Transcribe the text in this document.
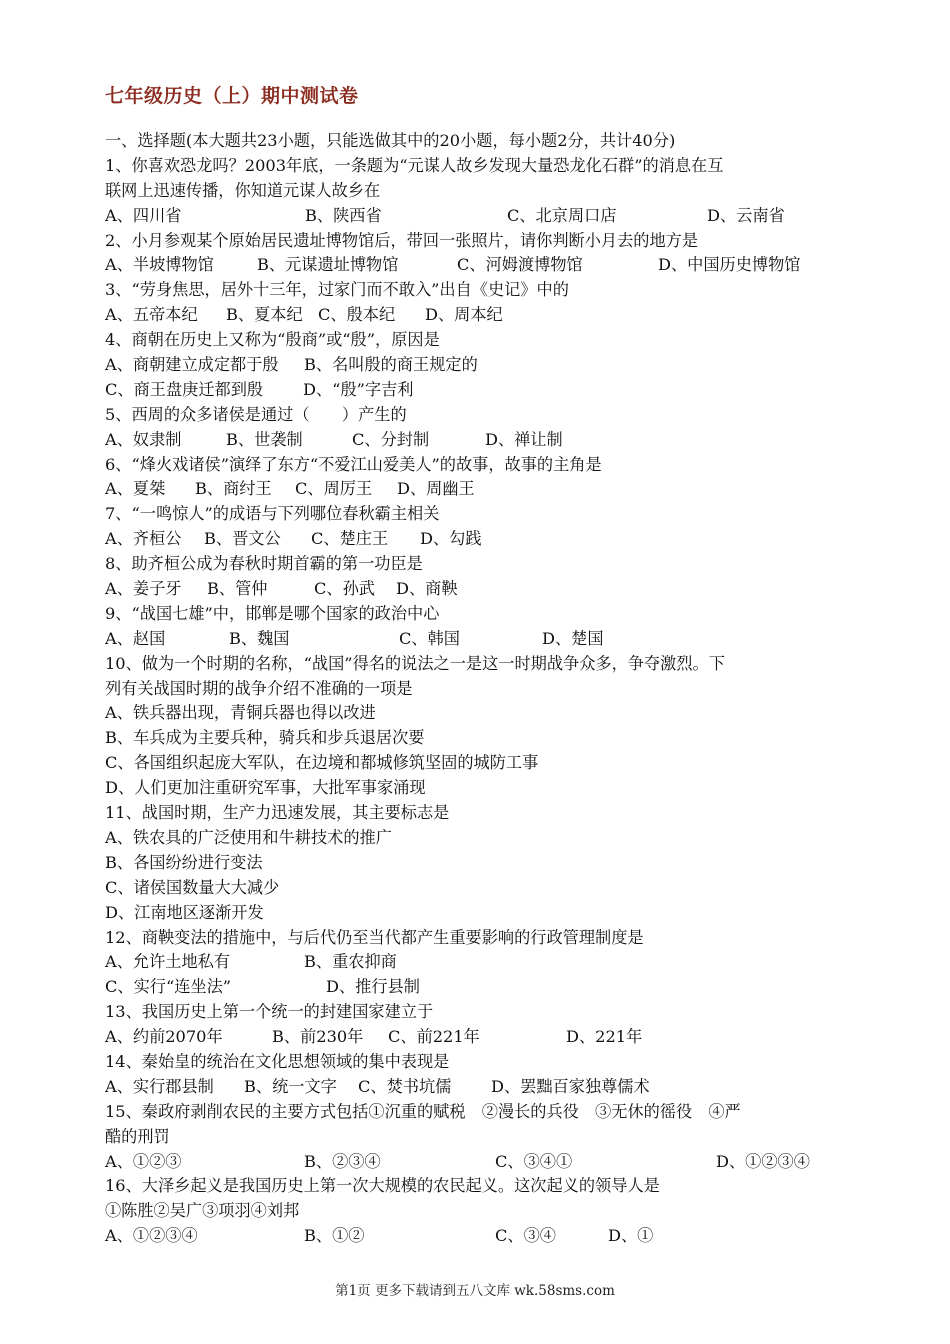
七年级历史（上）期中测试卷
一、选择题(本大题共23小题，只能选做其中的20小题，每小题2分，共计40分)
1、你喜欢恐龙吗？2003年底，一条题为“元谋人故乡发现大量恐龙化石群”的消息在互
联网上迅速传播，你知道元谋人故乡在
A、四川省	B、陕西省	C、北京周口店	D、云南省
2、小月参观某个原始居民遗址博物馆后，带回一张照片，请你判断小月去的地方是
A、半坡博物馆	B、元谋遗址博物馆	C、河姆渡博物馆	D、中国历史博物馆
3、“劳身焦思，居外十三年，过家门而不敢入”出自《史记》中的
A、五帝本纪 B、夏本纪 C、殷本纪 D、周本纪
4、商朝在历史上又称为“殷商”或“殷”，原因是
A、商朝建立成定都于殷 B、名叫殷的商王规定的
C、商王盘庚迁都到殷 D、“殷”字吉利
5、西周的众多诸侯是通过（　　）产生的
A、奴隶制	B、世袭制	C、分封制	D、禅让制
6、“烽火戏诸侯”演绎了东方“不爱江山爱美人”的故事，故事的主角是
A、夏桀 B、商纣王 C、周厉王 D、周幽王
7、“一鸣惊人”的成语与下列哪位春秋霸主相关
A、齐桓公 B、晋文公 C、楚庄王 D、勾践
8、助齐桓公成为春秋时期首霸的第一功臣是
A、姜子牙 B、管仲	C、孙武 D、商鞅
9、“战国七雄”中，邯郸是哪个国家的政治中心
A、赵国	B、魏国	C、韩国	D、楚国
10、做为一个时期的名称，“战国”得名的说法之一是这一时期战争众多，争夺激烈。下
列有关战国时期的战争介绍不准确的一项是
A、铁兵器出现，青铜兵器也得以改进
B、车兵成为主要兵种，骑兵和步兵退居次要
C、各国组织起庞大军队，在边境和都城修筑坚固的城防工事
D、人们更加注重研究军事，大批军事家涌现
11、战国时期，生产力迅速发展，其主要标志是
A、铁农具的广泛使用和牛耕技术的推广
B、各国纷纷进行变法
C、诸侯国数量大大减少
D、江南地区逐渐开发
12、商鞅变法的措施中，与后代仍至当代都产生重要影响的行政管理制度是
A、允许土地私有	B、重农抑商
C、实行“连坐法”	D、推行县制
13、我国历史上第一个统一的封建国家建立于
A、约前2070年	B、前230年 C、前221年	D、221年
14、秦始皇的统治在文化思想领域的集中表现是
A、实行郡县制 B、统一文字 C、焚书坑儒 D、罢黜百家独尊儒术
15、秦政府剥削农民的主要方式包括①沉重的赋税　②漫长的兵役　③无休的徭役　④严
酷的刑罚
A、①②③	B、②③④	C、③④①	D、①②③④
16、大泽乡起义是我国历史上第一次大规模的农民起义。这次起义的领导人是
①陈胜②吴广③项羽④刘邦
A、①②③④	B、①②	C、③④	D、①
第1页 更多下载请到五八文库 wk.58sms.com
